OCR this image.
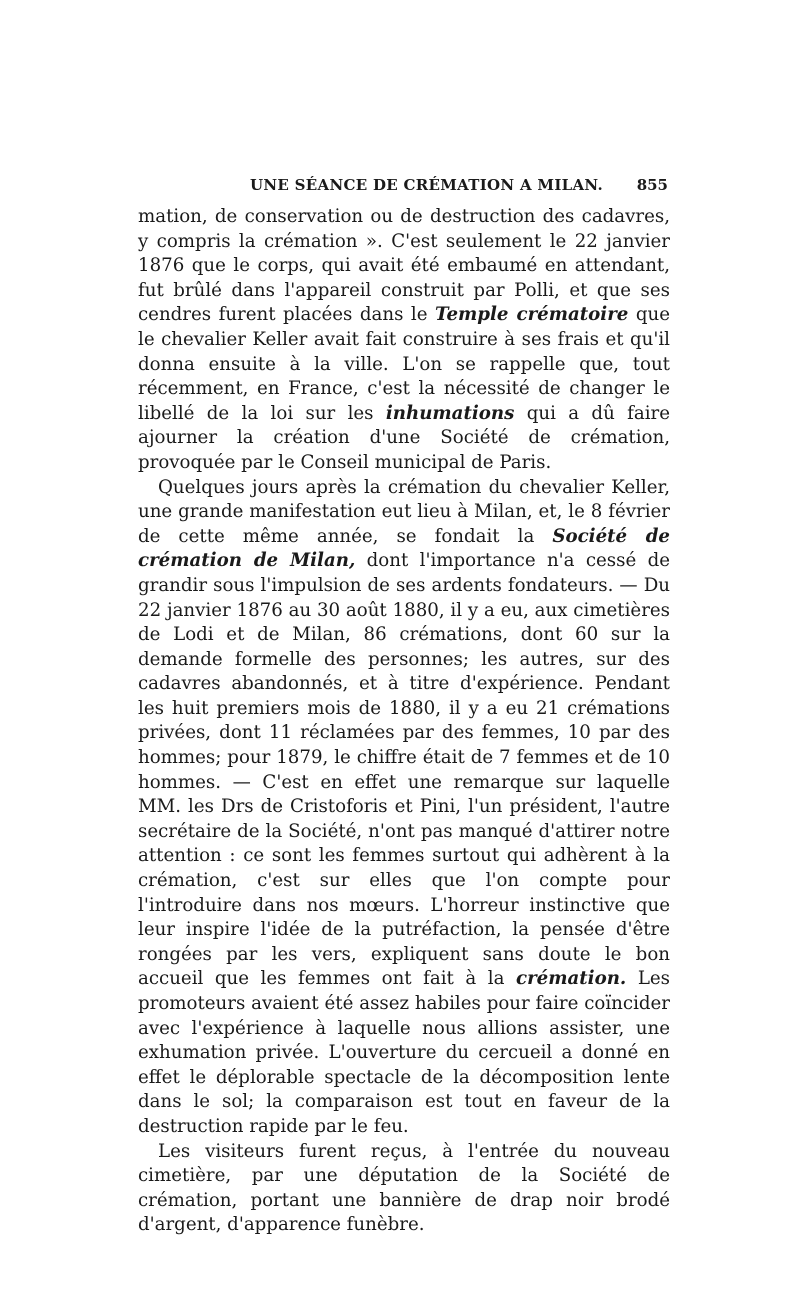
UNE SÉANCE DE CRÉMATION A MILAN. 855

mation, de conservation ou de destruction des cadavres, y compris la crémation ». C'est seulement le 22 janvier 1876 que le corps, qui avait été embaumé en attendant, fut brûlé dans l'appareil construit par Polli, et que ses cendres furent placées dans le Temple crématoire que le chevalier Keller avait fait construire à ses frais et qu'il donna ensuite à la ville. L'on se rappelle que, tout récemment, en France, c'est la nécessité de changer le libellé de la loi sur les inhumations qui a dû faire ajourner la création d'une Société de crémation, provoquée par le Conseil municipal de Paris.

Quelques jours après la crémation du chevalier Keller, une grande manifestation eut lieu à Milan, et, le 8 février de cette même année, se fondait la Société de crémation de Milan, dont l'importance n'a cessé de grandir sous l'impulsion de ses ardents fondateurs. — Du 22 janvier 1876 au 30 août 1880, il y a eu, aux cimetières de Lodi et de Milan, 86 crémations, dont 60 sur la demande formelle des personnes; les autres, sur des cadavres abandonnés, et à titre d'expérience. Pendant les huit premiers mois de 1880, il y a eu 21 crémations privées, dont 11 réclamées par des femmes, 10 par des hommes; pour 1879, le chiffre était de 7 femmes et de 10 hommes. — C'est en effet une remarque sur laquelle MM. les Drs de Cristoforis et Pini, l'un président, l'autre secrétaire de la Société, n'ont pas manqué d'attirer notre attention : ce sont les femmes surtout qui adhèrent à la crémation, c'est sur elles que l'on compte pour l'introduire dans nos mœurs. L'horreur instinctive que leur inspire l'idée de la putréfaction, la pensée d'être rongées par les vers, expliquent sans doute le bon accueil que les femmes ont fait à la crémation. Les promoteurs avaient été assez habiles pour faire coïncider avec l'expérience à laquelle nous allions assister, une exhumation privée. L'ouverture du cercueil a donné en effet le déplorable spectacle de la décomposition lente dans le sol; la comparaison est tout en faveur de la destruction rapide par le feu.

Les visiteurs furent reçus, à l'entrée du nouveau cimetière, par une députation de la Société de crémation, portant une bannière de drap noir brodé d'argent, d'apparence funèbre.
